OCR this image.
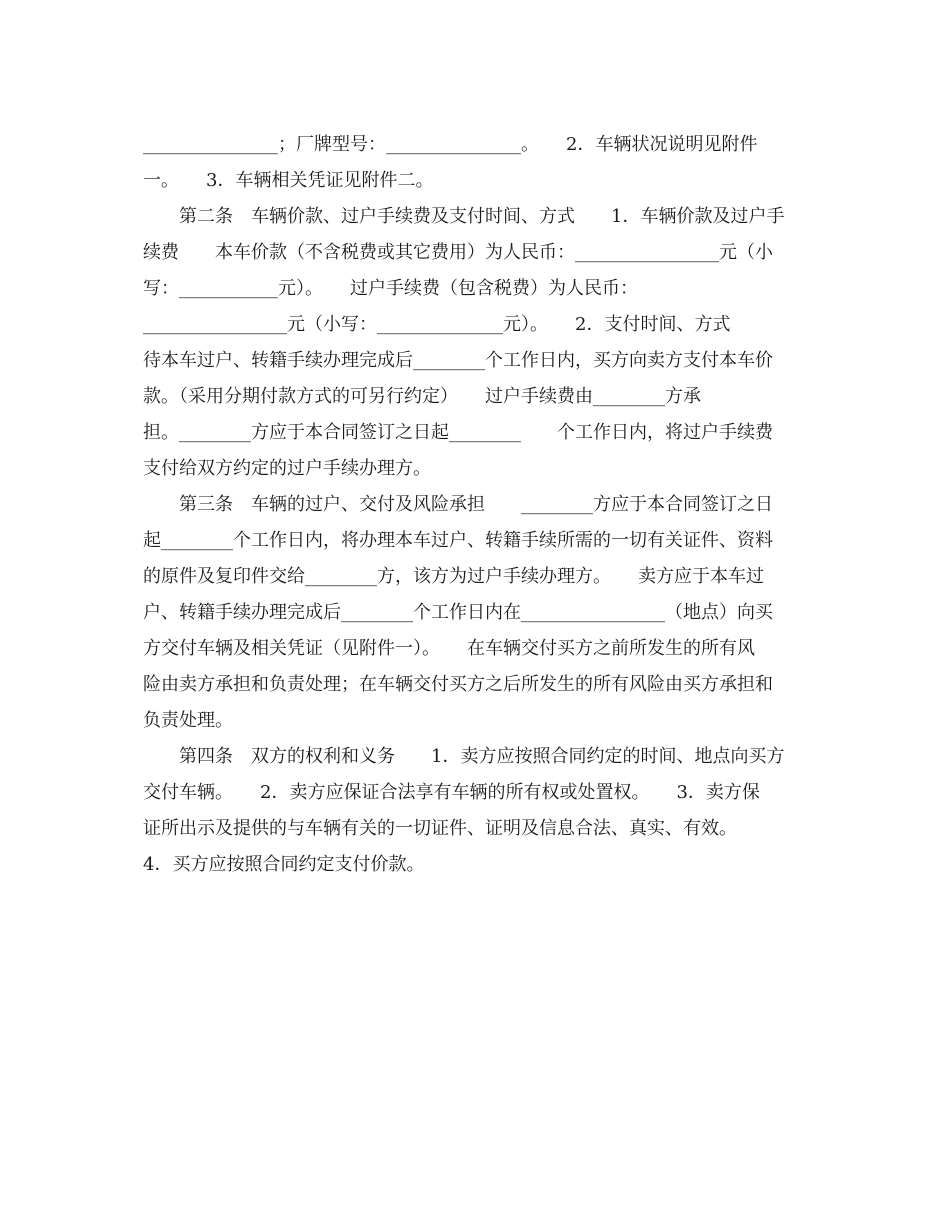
_______________；厂牌型号：_______________。　　2．车辆状况说明见附件
一。　　3．车辆相关凭证见附件二。
　　第二条　车辆价款、过户手续费及支付时间、方式　　1．车辆价款及过户手
续费　　本车价款（不含税费或其它费用）为人民币：________________元（小
写：___________元）。　　过户手续费（包含税费）为人民币：
________________元（小写：______________元）。　　2．支付时间、方式
待本车过户、转籍手续办理完成后________个工作日内，买方向卖方支付本车价
款。（采用分期付款方式的可另行约定）　　过户手续费由________方承
担。________方应于本合同签订之日起________　　个工作日内，将过户手续费
支付给双方约定的过户手续办理方。
　　第三条　车辆的过户、交付及风险承担　　________方应于本合同签订之日
起________个工作日内，将办理本车过户、转籍手续所需的一切有关证件、资料
的原件及复印件交给________方，该方为过户手续办理方。　　卖方应于本车过
户、转籍手续办理完成后________个工作日内在________________（地点）向买
方交付车辆及相关凭证（见附件一）。　　在车辆交付买方之前所发生的所有风
险由卖方承担和负责处理；在车辆交付买方之后所发生的所有风险由买方承担和
负责处理。
　　第四条　双方的权利和义务　　1．卖方应按照合同约定的时间、地点向买方
交付车辆。　　2．卖方应保证合法享有车辆的所有权或处置权。　　3．卖方保
证所出示及提供的与车辆有关的一切证件、证明及信息合法、真实、有效。
4．买方应按照合同约定支付价款。
